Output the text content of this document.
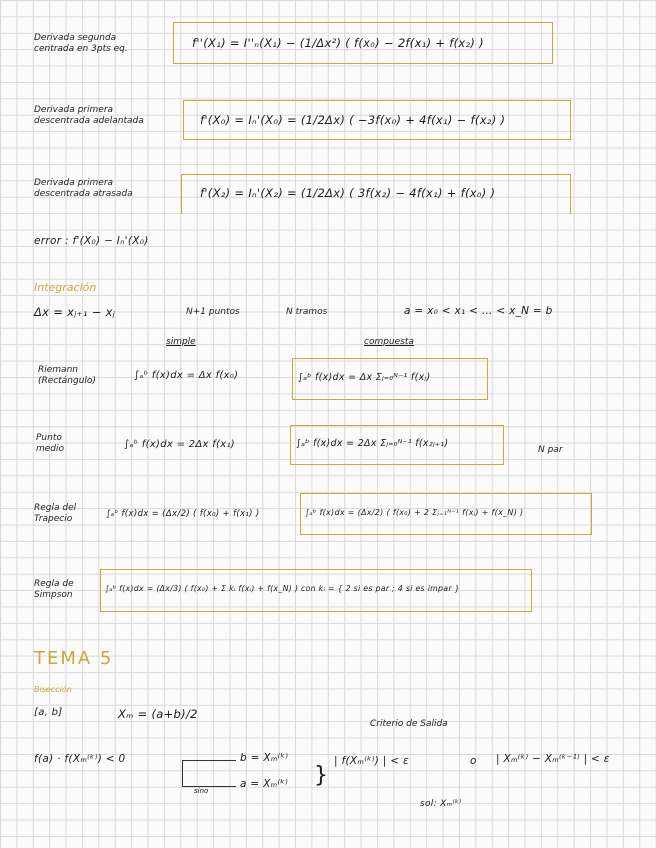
Derivada segunda
centrada en 3pts eq.	f''(X₁) = I''ₙ(X₁) − (1/Δx²) ( f(x₀) − 2f(x₁) + f(x₂) )
Derivada primera
descentrada adelantada	f'(X₀) = Iₙ'(X₀) = (1/2Δx) ( −3f(x₀) + 4f(x₁) − f(x₂) )
Derivada primera
descentrada atrasada	f'(X₂) = Iₙ'(X₂) = (1/2Δx) ( 3f(x₂) − 4f(x₁) + f(x₀) )
error : f'(X₀) − Iₙ'(X₀)
Integración
Δx = xⱼ₊₁ − xⱼ	N+1 puntos	N tramos	a = x₀ < x₁ < … < x_N = b
simple	compuesta
Riemann
(Rectángulo)	∫ₐᵇ f(x)dx = Δx f(x₀)	∫ₐᵇ f(x)dx = Δx Σⱼ₌₀ᴺ⁻¹ f(xⱼ)
Punto
medio	∫ₐᵇ f(x)dx = 2Δx f(x₁)	∫ₐᵇ f(x)dx = 2Δx Σⱼ₌₀ᴺ⁻¹ f(x₂ⱼ₊₁)
N par
Regla del
Trapecio	∫ₐᵇ f(x)dx = (Δx/2) ( f(x₀) + f(x₁) )	∫ₐᵇ f(x)dx = (Δx/2) ( f(x₀) + 2 Σⱼ₌₁ᴺ⁻¹ f(xⱼ) + f(x_N) )
Regla de
Simpson
∫ₐᵇ f(x)dx = (Δx/3) ( f(x₀) + Σ kᵢ f(xᵢ) + f(x_N) ) con kᵢ = { 2 si es par ; 4 si es impar }
TEMA 5
Bisección
[a, b]	Xₘ = (a+b)/2
Criterio de Salida
f(a) · f(Xₘ⁽ᵏ⁾) < 0
sino
b = Xₘ⁽ᵏ⁾
a = Xₘ⁽ᵏ⁾ }
| f(Xₘ⁽ᵏ⁾) | < ε	o | Xₘ⁽ᵏ⁾ − Xₘ⁽ᵏ⁻¹⁾ | < ε
sol: Xₘ⁽ᵏ⁾
